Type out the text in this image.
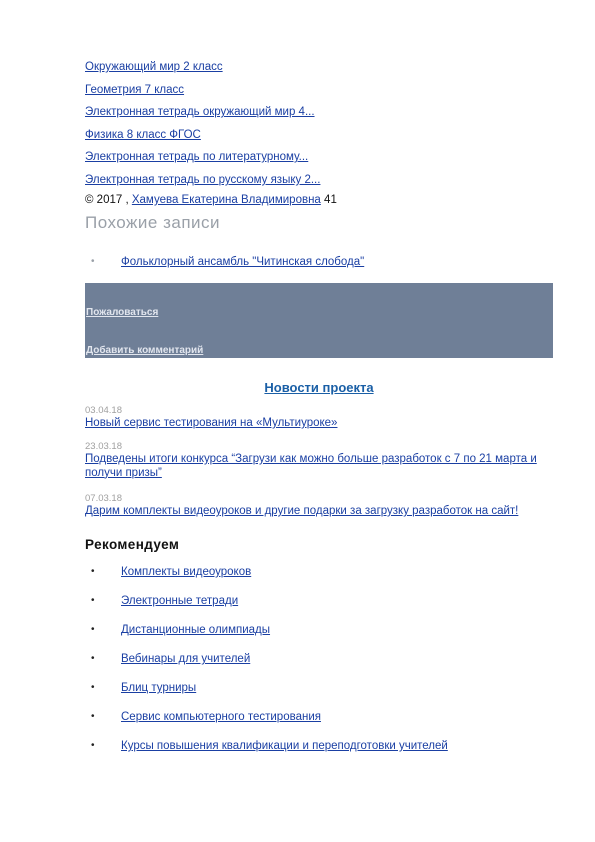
Окружающий мир 2 класс
Геометрия 7 класс
Электронная тетрадь окружающий мир 4...
Физика 8 класс ФГОС
Электронная тетрадь по литературному...
Электронная тетрадь по русскому языку 2...
© 2017 , Хамуева Екатерина Владимировна 41
Похожие записи
• Фольклорный ансамбль "Читинская слобода"
Пожаловаться
Добавить комментарий
Новости проекта
03.04.18
Новый сервис тестирования на «Мультиуроке»
23.03.18
Подведены итоги конкурса “Загрузи как можно больше разработок с 7 по 21 марта и получи призы”
07.03.18
Дарим комплекты видеоуроков и другие подарки за загрузку разработок на сайт!
Рекомендуем
• Комплекты видеоуроков
• Электронные тетради
• Дистанционные олимпиады
• Вебинары для учителей
• Блиц турниры
• Сервис компьютерного тестирования
• Курсы повышения квалификации и переподготовки учителей
